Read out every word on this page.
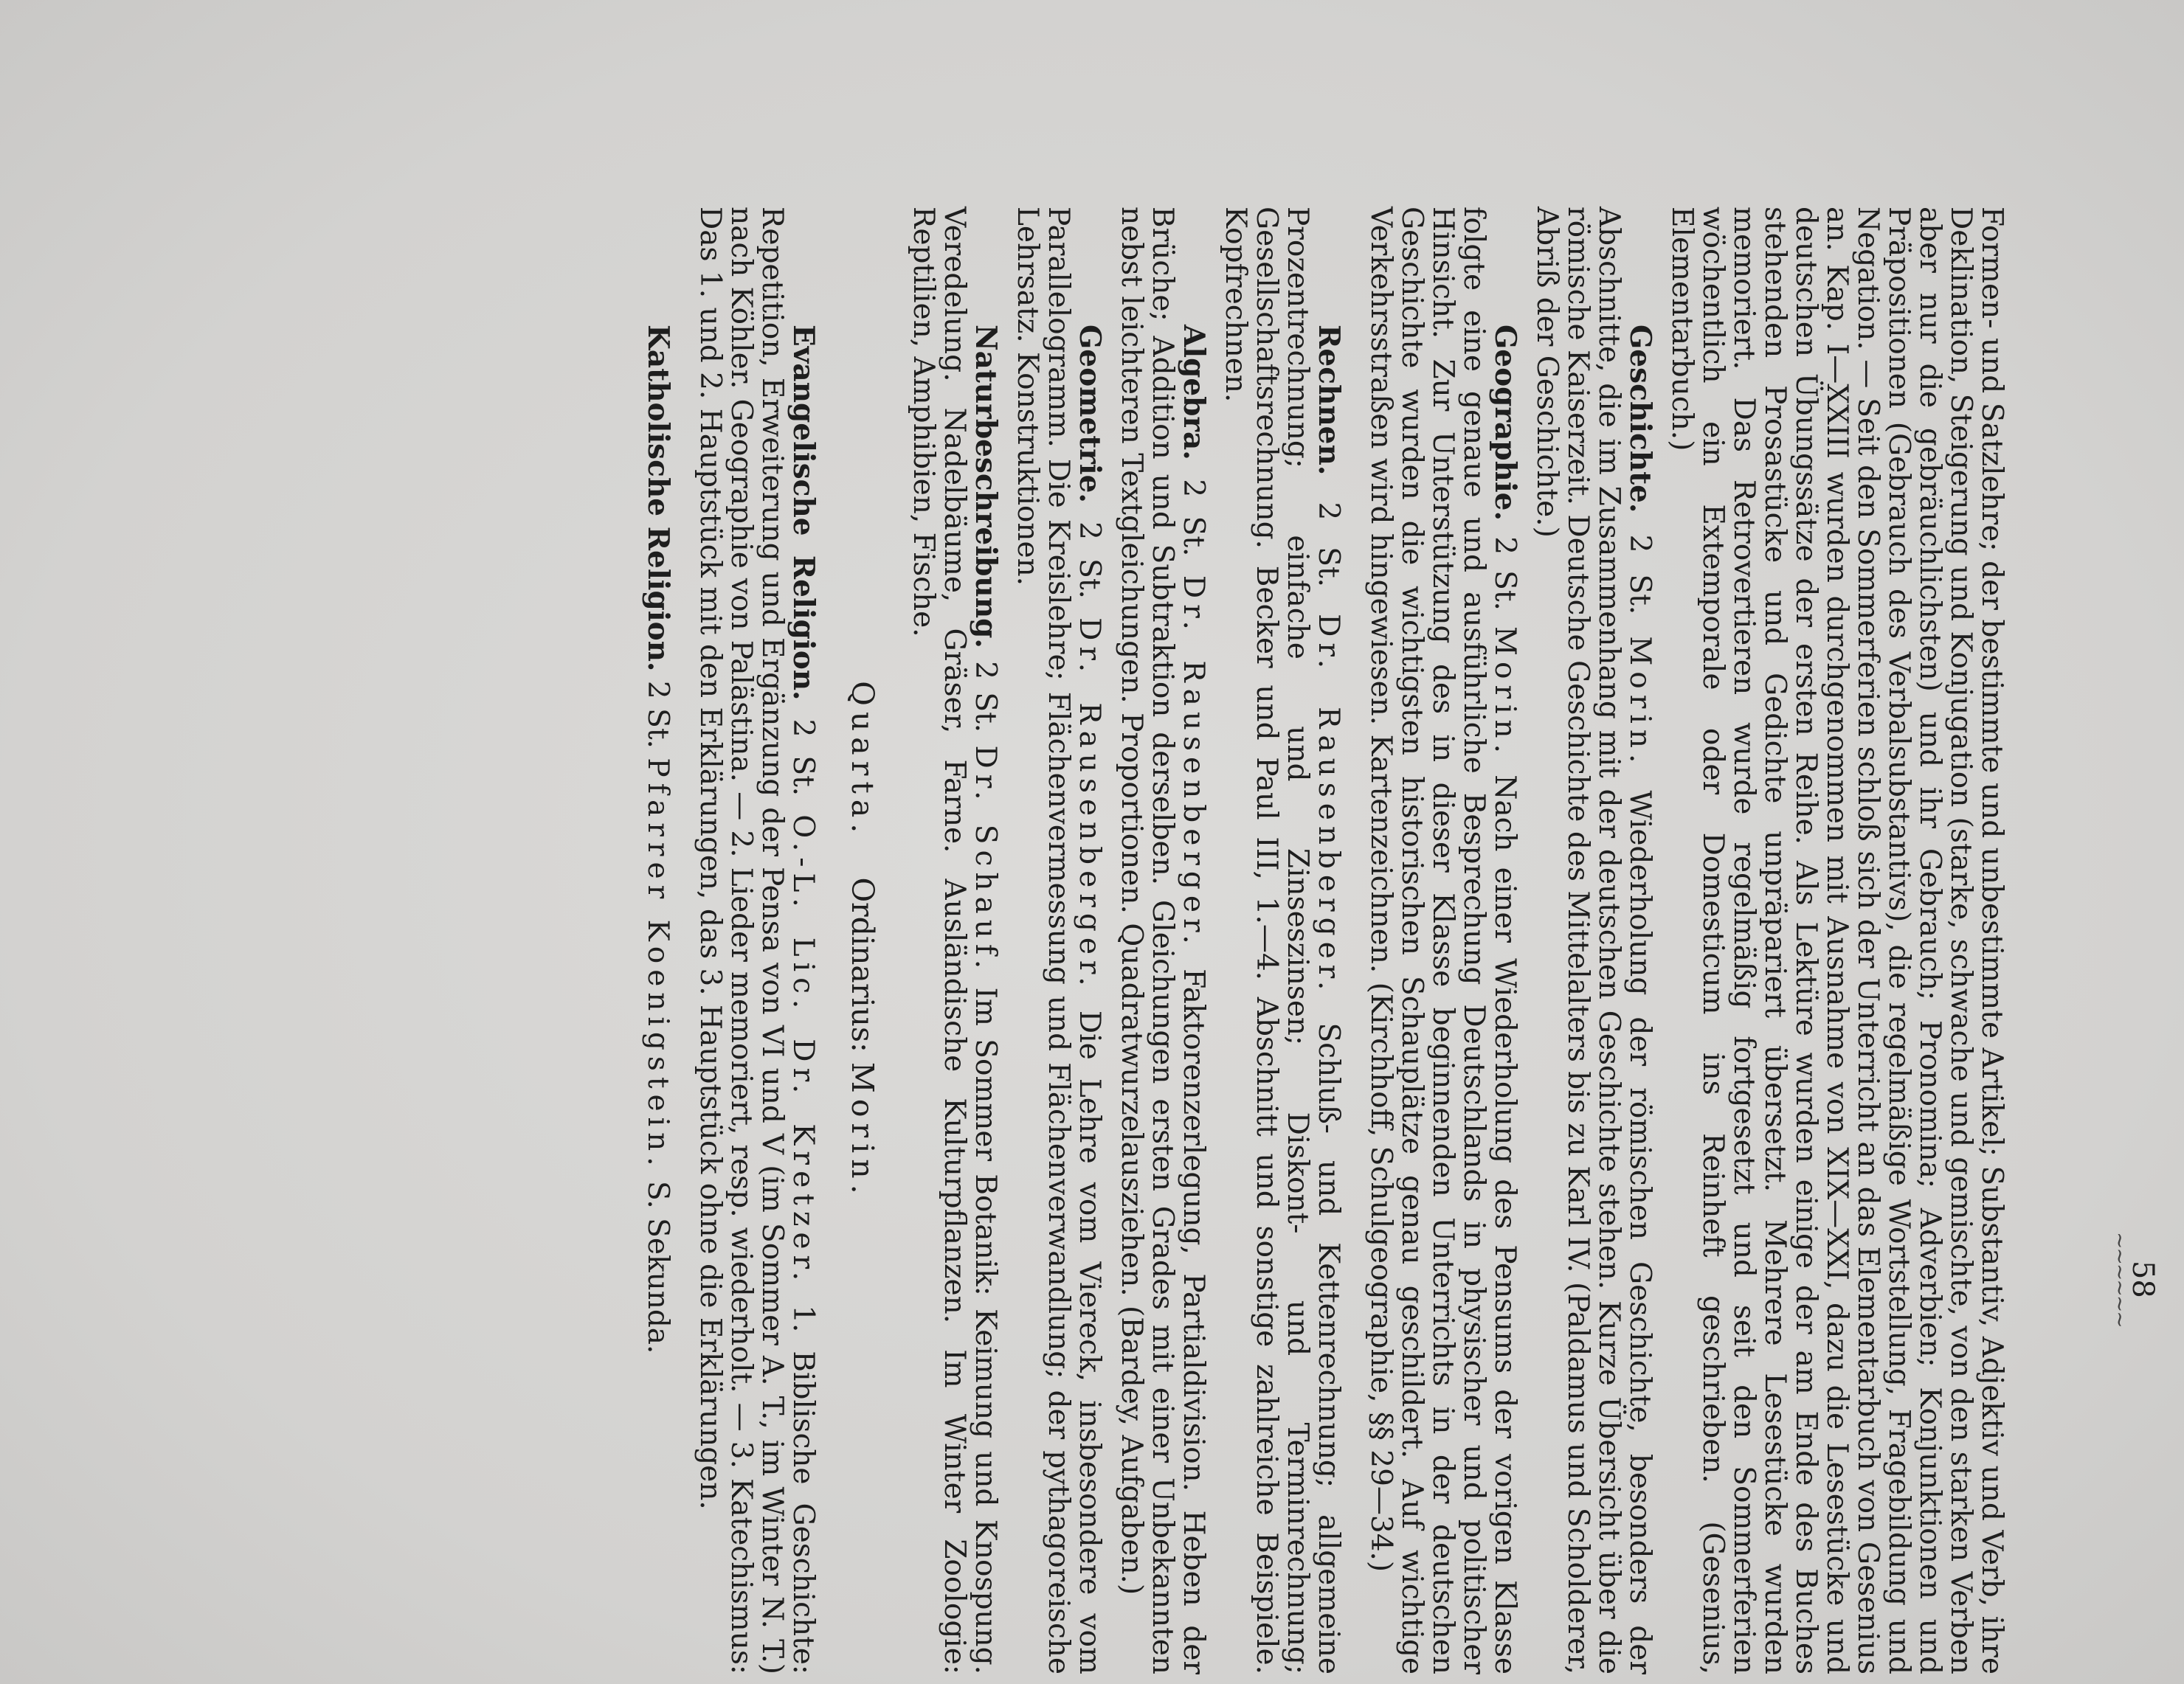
58
~~~~~~

Formen- und Satzlehre; der bestimmte und unbestimmte Artikel; Substantiv, Adjektiv und Verb, ihre Deklination, Steigerung und Konjugation (starke, schwache und gemischte, von den starken Verben aber nur die gebräuchlichsten) und ihr Gebrauch; Pronomina; Adverbien; Konjunktionen und Präpositionen (Gebrauch des Verbalsubstantivs), die regelmäßige Wortstellung, Fragebildung und Negation. — Seit den Sommerferien schloß sich der Unterricht an das Elementarbuch von Gesenius an. Kap. I—XXIII wurden durchgenommen mit Ausnahme von XIX—XXI, dazu die Lesestücke und deutschen Übungssätze der ersten Reihe. Als Lektüre wurden einige der am Ende des Buches stehenden Prosastücke und Gedichte unpräpariert übersetzt. Mehrere Lesestücke wurden memoriert. Das Retrovertieren wurde regelmäßig fortgesetzt und seit den Sommerferien wöchentlich ein Extemporale oder Domesticum ins Reinheft geschrieben. (Gesenius, Elementarbuch.)

Geschichte. 2 St. Morin. Wiederholung der römischen Geschichte, besonders der Abschnitte, die im Zusammenhang mit der deutschen Geschichte stehen. Kurze Übersicht über die römische Kaiserzeit. Deutsche Geschichte des Mittelalters bis zu Karl IV. (Paldamus und Scholderer, Abriß der Geschichte.)

Geographie. 2 St. Morin. Nach einer Wiederholung des Pensums der vorigen Klasse folgte eine genaue und ausführliche Besprechung Deutschlands in physischer und politischer Hinsicht. Zur Unterstützung des in dieser Klasse beginnenden Unterrichts in der deutschen Geschichte wurden die wichtigsten historischen Schauplätze genau geschildert. Auf wichtige Verkehrsstraßen wird hingewiesen. Kartenzeichnen. (Kirchhoff, Schulgeographie, §§ 29—34.)

Rechnen. 2 St. Dr. Rausenberger. Schluß- und Kettenrechnung; allgemeine Prozentrechnung; einfache und Zinseszinsen; Diskont- und Terminrechnung; Gesellschaftsrechnung. Becker und Paul III, 1.—4. Abschnitt und sonstige zahlreiche Beispiele. Kopfrechnen.

Algebra. 2 St. Dr. Rausenberger. Faktorenzerlegung, Partialdivision. Heben der Brüche; Addition und Subtraktion derselben. Gleichungen ersten Grades mit einer Unbekannten nebst leichteren Textgleichungen. Proportionen. Quadratwurzelausziehen. (Bardey, Aufgaben.)

Geometrie. 2 St. Dr. Rausenberger. Die Lehre vom Viereck, insbesondere vom Parallelogramm. Die Kreislehre; Flächenvermessung und Flächenverwandlung; der pythagoreische Lehrsatz. Konstruktionen.

Naturbeschreibung. 2 St. Dr. Schauf. Im Sommer Botanik: Keimung und Knospung. Veredelung. Nadelbäume, Gräser, Farne. Ausländische Kulturpflanzen. Im Winter Zoologie: Reptilien, Amphibien, Fische.

Quarta.    Ordinarius: Morin.

Evangelische Religion. 2 St. O.-L. Lic. Dr. Kretzer. 1. Biblische Geschichte: Repetition, Erweiterung und Ergänzung der Pensa von VI und V (im Sommer A. T., im Winter N. T.) nach Köhler. Geographie von Palästina. — 2. Lieder memoriert, resp. wiederholt. — 3. Katechismus: Das 1. und 2. Hauptstück mit den Erklärungen, das 3. Hauptstück ohne die Erklärungen.

Katholische Religion. 2 St. Pfarrer Koenigstein. S. Sekunda.
